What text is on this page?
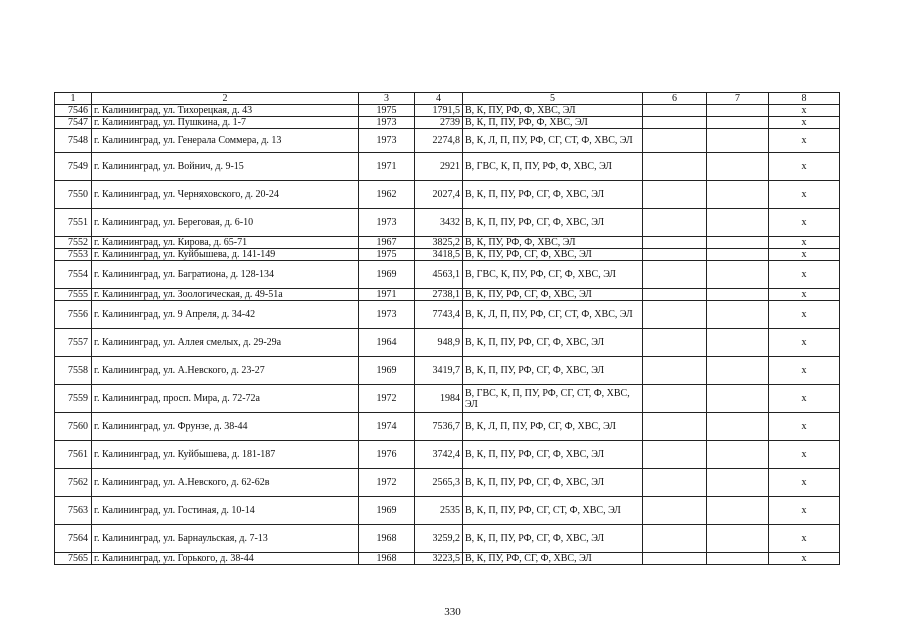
1	2	3	4	5	6	7	8
7546	г. Калининград, ул. Тихорецкая, д. 43	1975	1791,5	В, К, ПУ, РФ, Ф, ХВС, ЭЛ			x
7547	г. Калининград, ул. Пушкина, д. 1-7	1973	2739	В, К, П, ПУ, РФ, Ф, ХВС, ЭЛ			x
7548	г. Калининград, ул. Генерала Соммера, д. 13	1973	2274,8	В, К, Л, П, ПУ, РФ, СГ, СТ, Ф, ХВС, ЭЛ			x
7549	г. Калининград, ул. Войнич, д. 9-15	1971	2921	В, ГВС, К, П, ПУ, РФ, Ф, ХВС, ЭЛ			x
7550	г. Калининград, ул. Черняховского, д. 20-24	1962	2027,4	В, К, П, ПУ, РФ, СГ, Ф, ХВС, ЭЛ			x
7551	г. Калининград, ул. Береговая, д. 6-10	1973	3432	В, К, П, ПУ, РФ, СГ, Ф, ХВС, ЭЛ			x
7552	г. Калининград, ул. Кирова, д. 65-71	1967	3825,2	В, К, ПУ, РФ, Ф, ХВС, ЭЛ			x
7553	г. Калининград, ул. Куйбышева, д. 141-149	1975	3418,5	В, К, ПУ, РФ, СГ, Ф, ХВС, ЭЛ			x
7554	г. Калининград, ул. Багратиона, д. 128-134	1969	4563,1	В, ГВС, К, ПУ, РФ, СГ, Ф, ХВС, ЭЛ			x
7555	г. Калининград, ул. Зоологическая, д. 49-51а	1971	2738,1	В, К, ПУ, РФ, СГ, Ф, ХВС, ЭЛ			x
7556	г. Калининград, ул. 9 Апреля, д. 34-42	1973	7743,4	В, К, Л, П, ПУ, РФ, СГ, СТ, Ф, ХВС, ЭЛ			x
7557	г. Калининград, ул. Аллея смелых, д. 29-29а	1964	948,9	В, К, П, ПУ, РФ, СГ, Ф, ХВС, ЭЛ			x
7558	г. Калининград, ул. А.Невского, д. 23-27	1969	3419,7	В, К, П, ПУ, РФ, СГ, Ф, ХВС, ЭЛ			x
7559	г. Калининград, просп. Мира, д. 72-72а	1972	1984	В, ГВС, К, П, ПУ, РФ, СГ, СТ, Ф, ХВС, ЭЛ			x
7560	г. Калининград, ул. Фрунзе, д. 38-44	1974	7536,7	В, К, Л, П, ПУ, РФ, СГ, Ф, ХВС, ЭЛ			x
7561	г. Калининград, ул. Куйбышева, д. 181-187	1976	3742,4	В, К, П, ПУ, РФ, СГ, Ф, ХВС, ЭЛ			x
7562	г. Калининград, ул. А.Невского, д. 62-62в	1972	2565,3	В, К, П, ПУ, РФ, СГ, Ф, ХВС, ЭЛ			x
7563	г. Калининград, ул. Гостиная, д. 10-14	1969	2535	В, К, П, ПУ, РФ, СГ, СТ, Ф, ХВС, ЭЛ			x
7564	г. Калининград, ул. Барнаульская, д. 7-13	1968	3259,2	В, К, П, ПУ, РФ, СГ, Ф, ХВС, ЭЛ			x
7565	г. Калининград, ул. Горького, д. 38-44	1968	3223,5	В, К, ПУ, РФ, СГ, Ф, ХВС, ЭЛ			x
330
